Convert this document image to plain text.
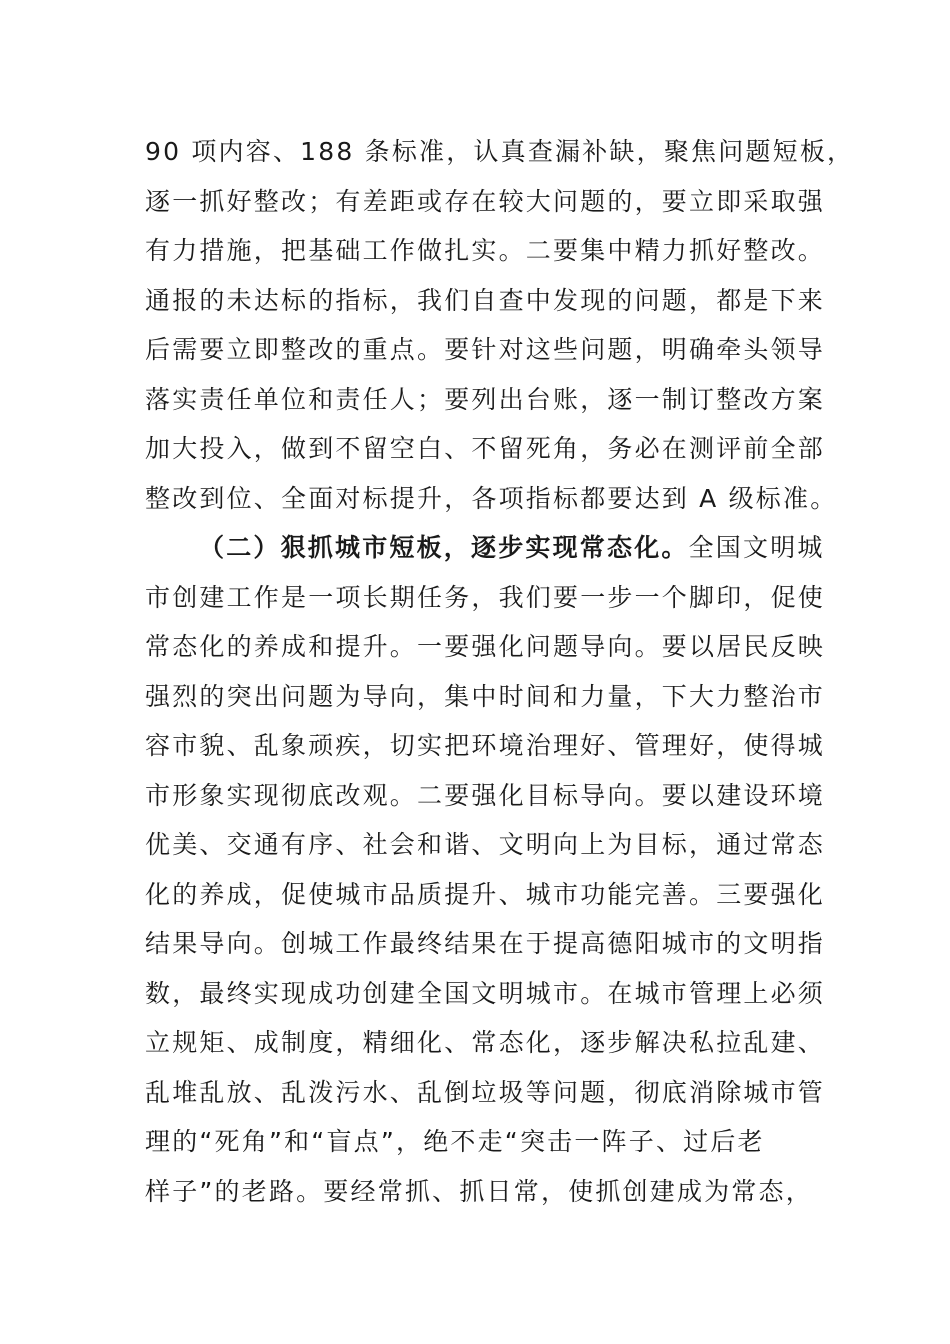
90 项内容、188 条标准，认真查漏补缺，聚焦问题短板，
逐一抓好整改；有差距或存在较大问题的，要立即采取强
有力措施，把基础工作做扎实。二要集中精力抓好整改。
通报的未达标的指标，我们自查中发现的问题，都是下来
后需要立即整改的重点。要针对这些问题，明确牵头领导
落实责任单位和责任人；要列出台账，逐一制订整改方案
加大投入，做到不留空白、不留死角，务必在测评前全部
整改到位、全面对标提升，各项指标都要达到 A 级标准。
（二）狠抓城市短板，逐步实现常态化。全国文明城
市创建工作是一项长期任务，我们要一步一个脚印，促使
常态化的养成和提升。一要强化问题导向。要以居民反映
强烈的突出问题为导向，集中时间和力量，下大力整治市
容市貌、乱象顽疾，切实把环境治理好、管理好，使得城
市形象实现彻底改观。二要强化目标导向。要以建设环境
优美、交通有序、社会和谐、文明向上为目标，通过常态
化的养成，促使城市品质提升、城市功能完善。三要强化
结果导向。创城工作最终结果在于提高德阳城市的文明指
数，最终实现成功创建全国文明城市。在城市管理上必须
立规矩、成制度，精细化、常态化，逐步解决私拉乱建、
乱堆乱放、乱泼污水、乱倒垃圾等问题，彻底消除城市管
理的“死角”和“盲点”，绝不走“突击一阵子、过后老
样子”的老路。要经常抓、抓日常，使抓创建成为常态，
